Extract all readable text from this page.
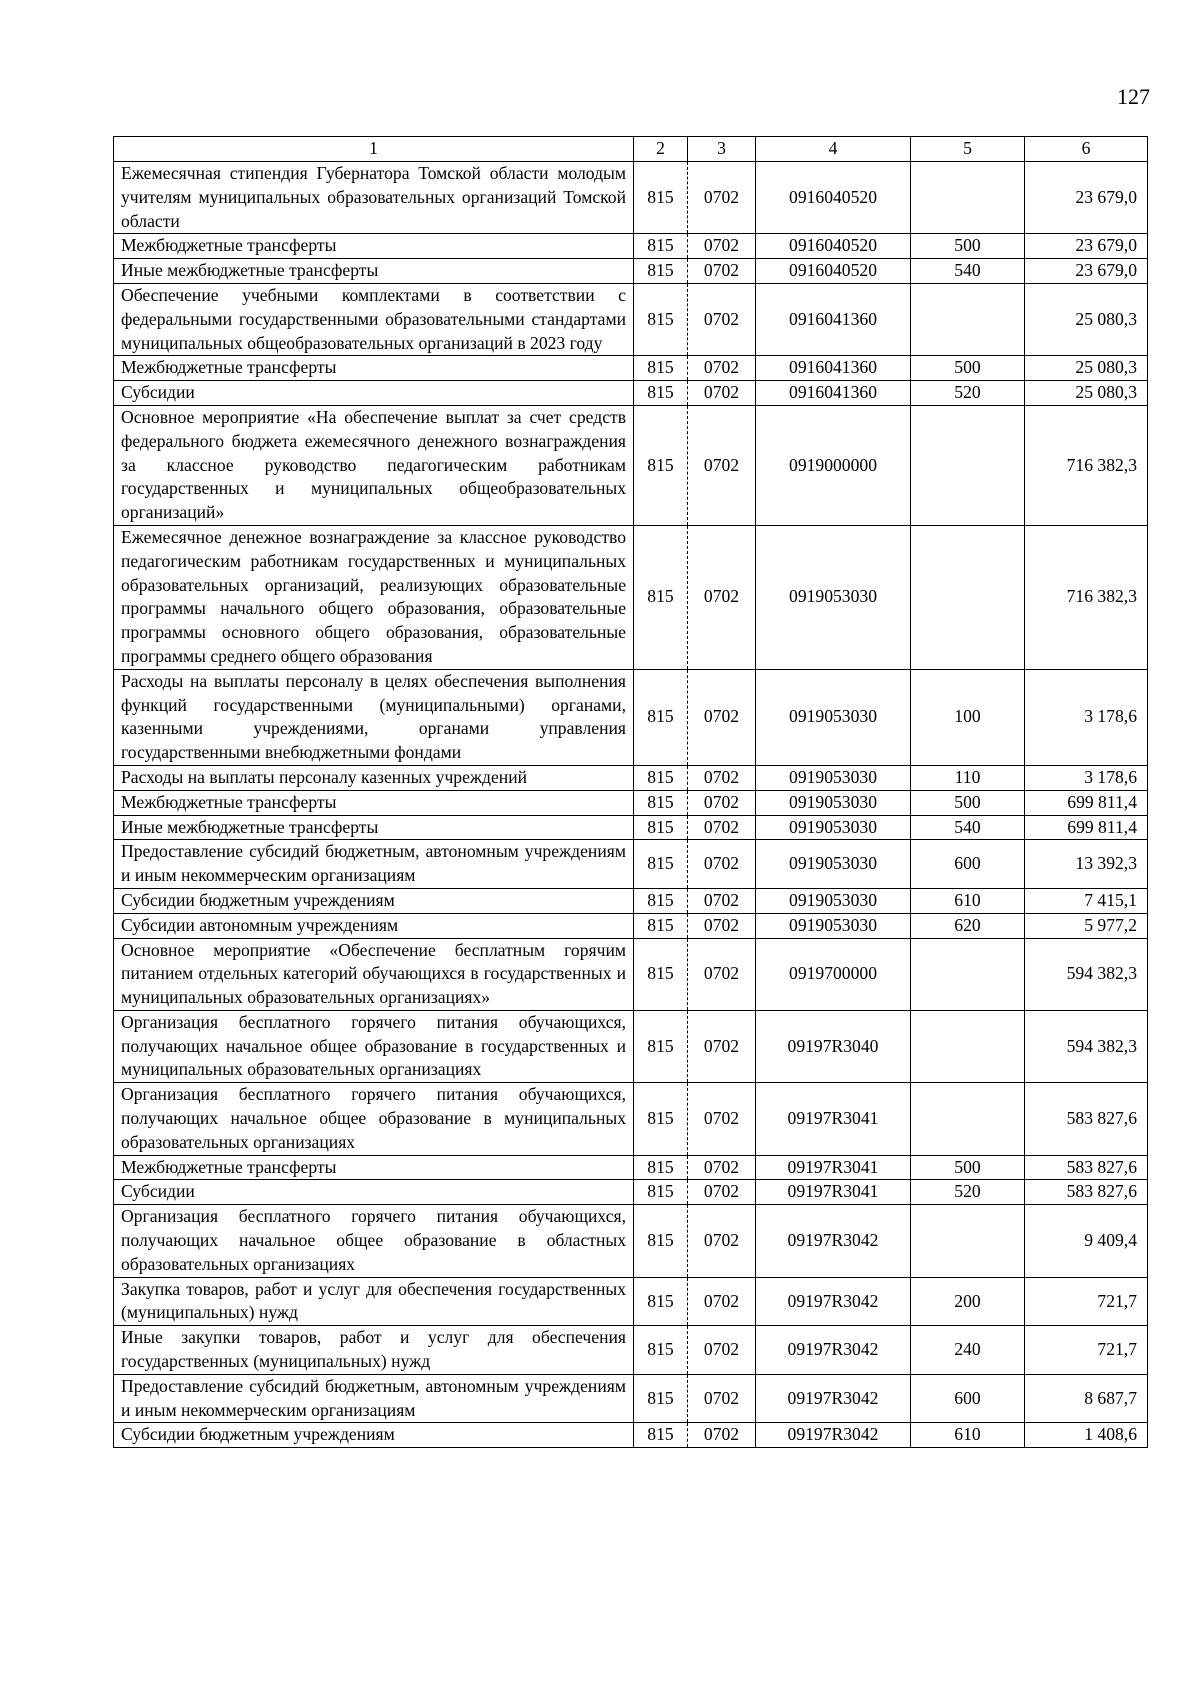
127
1	2	3	4	5	6
Ежемесячная стипендия Губернатора Томской области молодым учителям муниципальных образовательных организаций Томской области	815	0702	0916040520		23 679,0
Межбюджетные трансферты	815	0702	0916040520	500	23 679,0
Иные межбюджетные трансферты	815	0702	0916040520	540	23 679,0
Обеспечение учебными комплектами в соответствии с федеральными государственными образовательными стандартами муниципальных общеобразовательных организаций в 2023 году	815	0702	0916041360		25 080,3
Межбюджетные трансферты	815	0702	0916041360	500	25 080,3
Субсидии	815	0702	0916041360	520	25 080,3
Основное мероприятие «На обеспечение выплат за счет средств федерального бюджета ежемесячного денежного вознаграждения за классное руководство педагогическим работникам государственных и муниципальных общеобразовательных организаций»	815	0702	0919000000		716 382,3
Ежемесячное денежное вознаграждение за классное руководство педагогическим работникам государственных и муниципальных образовательных организаций, реализующих образовательные программы начального общего образования, образовательные программы основного общего образования, образовательные программы среднего общего образования	815	0702	0919053030		716 382,3
Расходы на выплаты персоналу в целях обеспечения выполнения функций государственными (муниципальными) органами, казенными учреждениями, органами управления государственными внебюджетными фондами	815	0702	0919053030	100	3 178,6
Расходы на выплаты персоналу казенных учреждений	815	0702	0919053030	110	3 178,6
Межбюджетные трансферты	815	0702	0919053030	500	699 811,4
Иные межбюджетные трансферты	815	0702	0919053030	540	699 811,4
Предоставление субсидий бюджетным, автономным учреждениям и иным некоммерческим организациям	815	0702	0919053030	600	13 392,3
Субсидии бюджетным учреждениям	815	0702	0919053030	610	7 415,1
Субсидии автономным учреждениям	815	0702	0919053030	620	5 977,2
Основное мероприятие «Обеспечение бесплатным горячим питанием отдельных категорий обучающихся в государственных и муниципальных образовательных организациях»	815	0702	0919700000		594 382,3
Организация бесплатного горячего питания обучающихся, получающих начальное общее образование в государственных и муниципальных образовательных организациях	815	0702	09197R3040		594 382,3
Организация бесплатного горячего питания обучающихся, получающих начальное общее образование в муниципальных образовательных организациях	815	0702	09197R3041		583 827,6
Межбюджетные трансферты	815	0702	09197R3041	500	583 827,6
Субсидии	815	0702	09197R3041	520	583 827,6
Организация бесплатного горячего питания обучающихся, получающих начальное общее образование в областных образовательных организациях	815	0702	09197R3042		9 409,4
Закупка товаров, работ и услуг для обеспечения государственных (муниципальных) нужд	815	0702	09197R3042	200	721,7
Иные закупки товаров, работ и услуг для обеспечения государственных (муниципальных) нужд	815	0702	09197R3042	240	721,7
Предоставление субсидий бюджетным, автономным учреждениям и иным некоммерческим организациям	815	0702	09197R3042	600	8 687,7
Субсидии бюджетным учреждениям	815	0702	09197R3042	610	1 408,6
